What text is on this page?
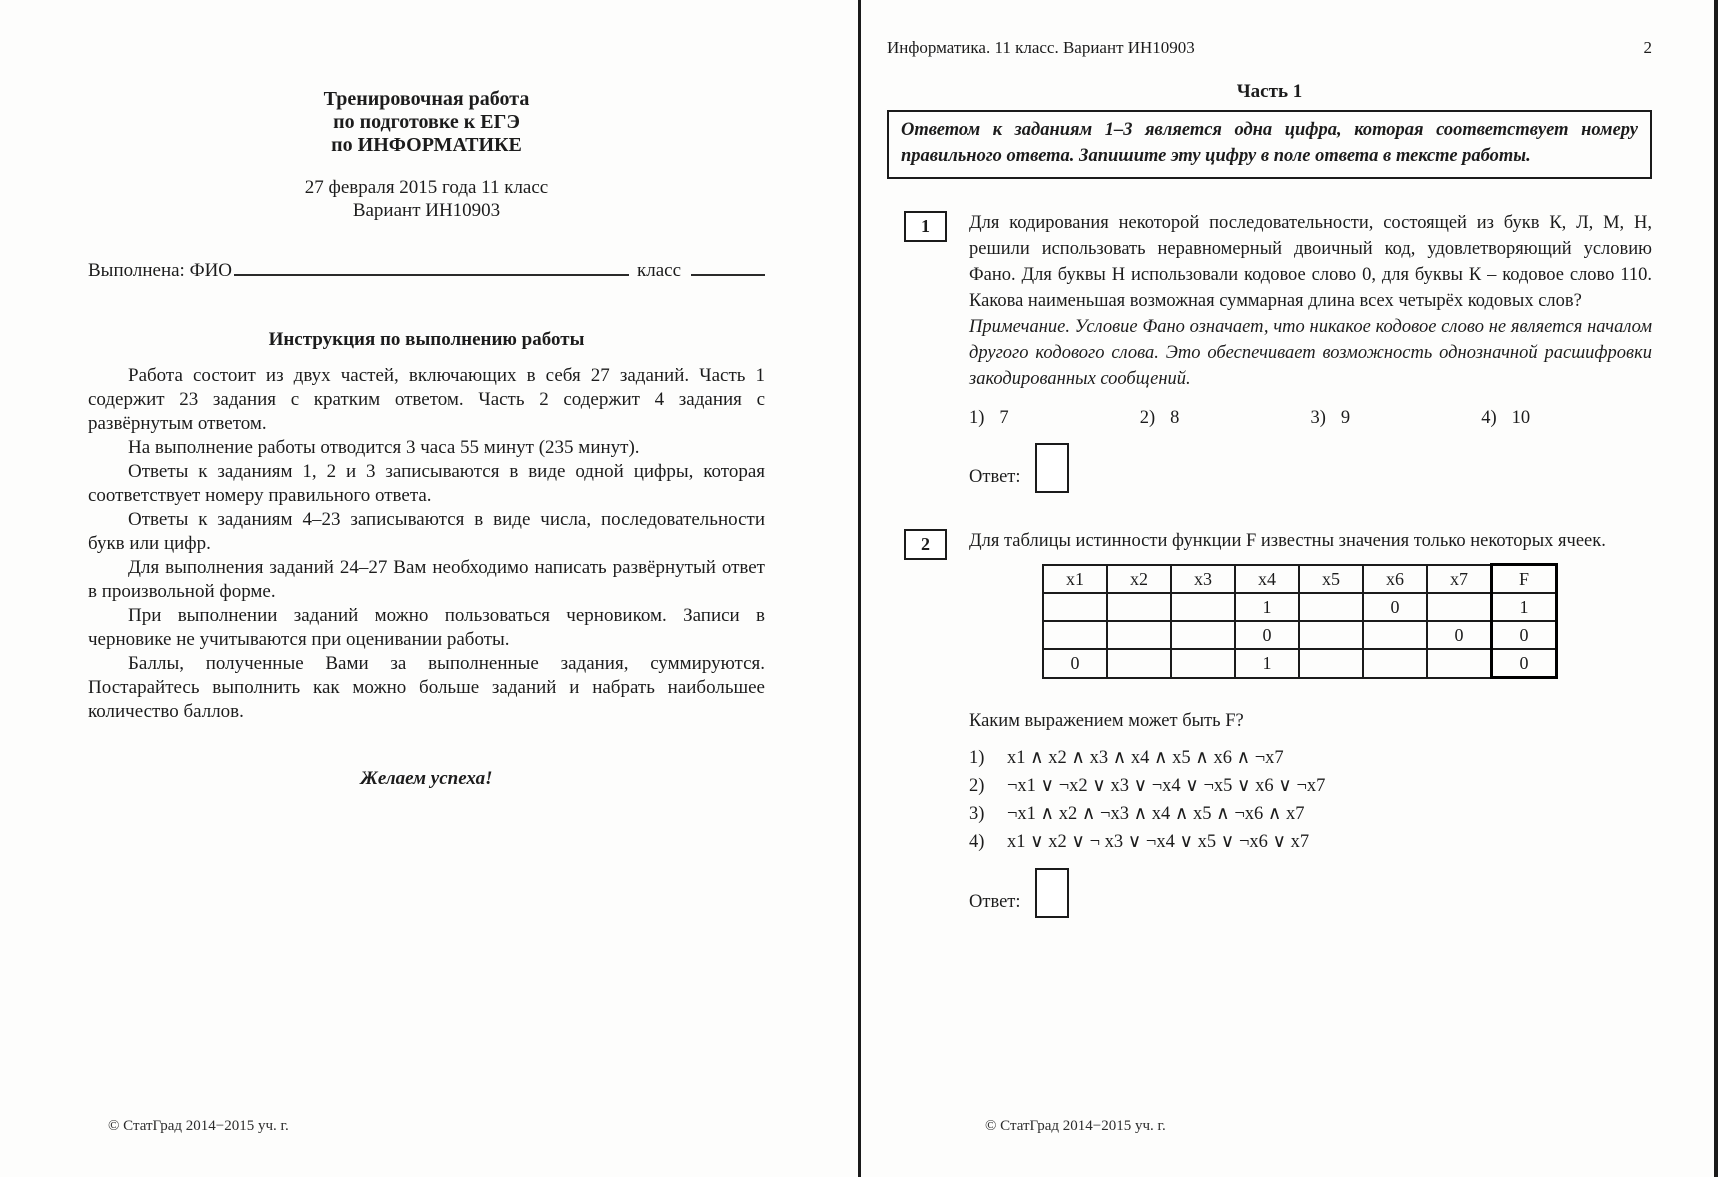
Тренировочная работа
по подготовке к ЕГЭ
по ИНФОРМАТИКЕ
27 февраля 2015 года 11 класс
Вариант ИН10903
Выполнена: ФИО	класс
Инструкция по выполнению работы

Работа состоит из двух частей, включающих в себя 27 заданий. Часть 1 содержит 23 задания с кратким ответом. Часть 2 содержит 4 задания с развёрнутым ответом.

На выполнение работы отводится 3 часа 55 минут (235 минут).

Ответы к заданиям 1, 2 и 3 записываются в виде одной цифры, которая соответствует номеру правильного ответа.

Ответы к заданиям 4–23 записываются в виде числа, последовательности букв или цифр.

Для выполнения заданий 24–27 Вам необходимо написать развёрнутый ответ в произвольной форме.

При выполнении заданий можно пользоваться черновиком. Записи в черновике не учитываются при оценивании работы.

Баллы, полученные Вами за выполненные задания, суммируются. Постарайтесь выполнить как можно больше заданий и набрать наибольшее количество баллов.

Желаем успеха!
© СтатГрад 2014−2015 уч. г.
Информатика. 11 класс. Вариант ИН10903	2
Часть 1
Ответом к заданиям 1–3 является одна цифра, которая соответствует номеру правильного ответа. Запишите эту цифру в поле ответа в тексте работы.
1	Для кодирования некоторой последовательности, состоящей из букв К, Л, М, Н, решили использовать неравномерный двоичный код, удовлетворяющий условию Фано. Для буквы Н использовали кодовое слово 0, для буквы К – кодовое слово 110. Какова наименьшая возможная суммарная длина всех четырёх кодовых слов?

Примечание. Условие Фано означает, что никакое кодовое слово не является началом другого кодового слова. Это обеспечивает возможность однозначной расшифровки закодированных сообщений.

1) 7	2) 8	3) 9	4) 10
Ответ:
2	Для таблицы истинности функции F известны значения только некоторых ячеек.

x1	x2	x3	x4	x5	x6	x7	F
			1		0		1
			0			0	0
0			1				0

Каким выражением может быть F?

1) x1 ∧ x2 ∧ x3 ∧ x4 ∧ x5 ∧ x6 ∧ ¬x7
2) ¬x1 ∨ ¬x2 ∨ x3 ∨ ¬x4 ∨ ¬x5 ∨ x6 ∨ ¬x7
3) ¬x1 ∧ x2 ∧ ¬x3 ∧ x4 ∧ x5 ∧ ¬x6 ∧ x7
4) x1 ∨ x2 ∨ ¬ x3 ∨ ¬x4 ∨ x5 ∨ ¬x6 ∨ x7
Ответ:
© СтатГрад 2014−2015 уч. г.
